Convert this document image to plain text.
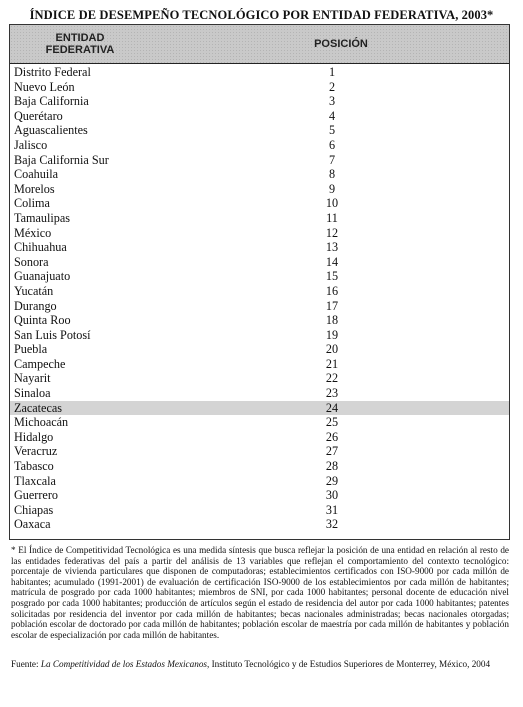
ÍNDICE DE DESEMPEÑO TECNOLÓGICO POR ENTIDAD FEDERATIVA, 2003*
ENTIDAD
FEDERATIVA	POSICIÓN
Distrito Federal	1
Nuevo León	2
Baja California	3
Querétaro	4
Aguascalientes	5
Jalisco	6
Baja California Sur	7
Coahuila	8
Morelos	9
Colima	10
Tamaulipas	11
México	12
Chihuahua	13
Sonora	14
Guanajuato	15
Yucatán	16
Durango	17
Quinta Roo	18
San Luis Potosí	19
Puebla	20
Campeche	21
Nayarit	22
Sinaloa	23
Zacatecas	24
Michoacán	25
Hidalgo	26
Veracruz	27
Tabasco	28
Tlaxcala	29
Guerrero	30
Chiapas	31
Oaxaca	32
* El Índice de Competitividad Tecnológica es una medida síntesis que busca reflejar la posición de una entidad en relación al resto de las entidades federativas del país a partir del análisis de 13 variables que reflejan el comportamiento del contexto tecnológico: porcentaje de vivienda particulares que disponen de computadoras; establecimientos certificados con ISO-9000 por cada millón de habitantes; acumulado (1991-2001) de evaluación de certificación ISO-9000 de los establecimientos por cada millón de habitantes; matrícula de posgrado por cada 1000 habitantes; miembros de SNI, por cada 1000 habitantes; personal docente de educación nivel posgrado por cada 1000 habitantes; producción de artículos según el estado de residencia del autor por cada 1000 habitantes; patentes solicitadas por residencia del inventor por cada millón de habitantes; becas nacionales administradas; becas nacionales otorgadas; población escolar de doctorado por cada millón de habitantes; población escolar de maestría por cada millón de habitantes y población escolar de especialización por cada millón de habitantes.
Fuente: La Competitividad de los Estados Mexicanos, Instituto Tecnológico y de Estudios Superiores de Monterrey, México, 2004
